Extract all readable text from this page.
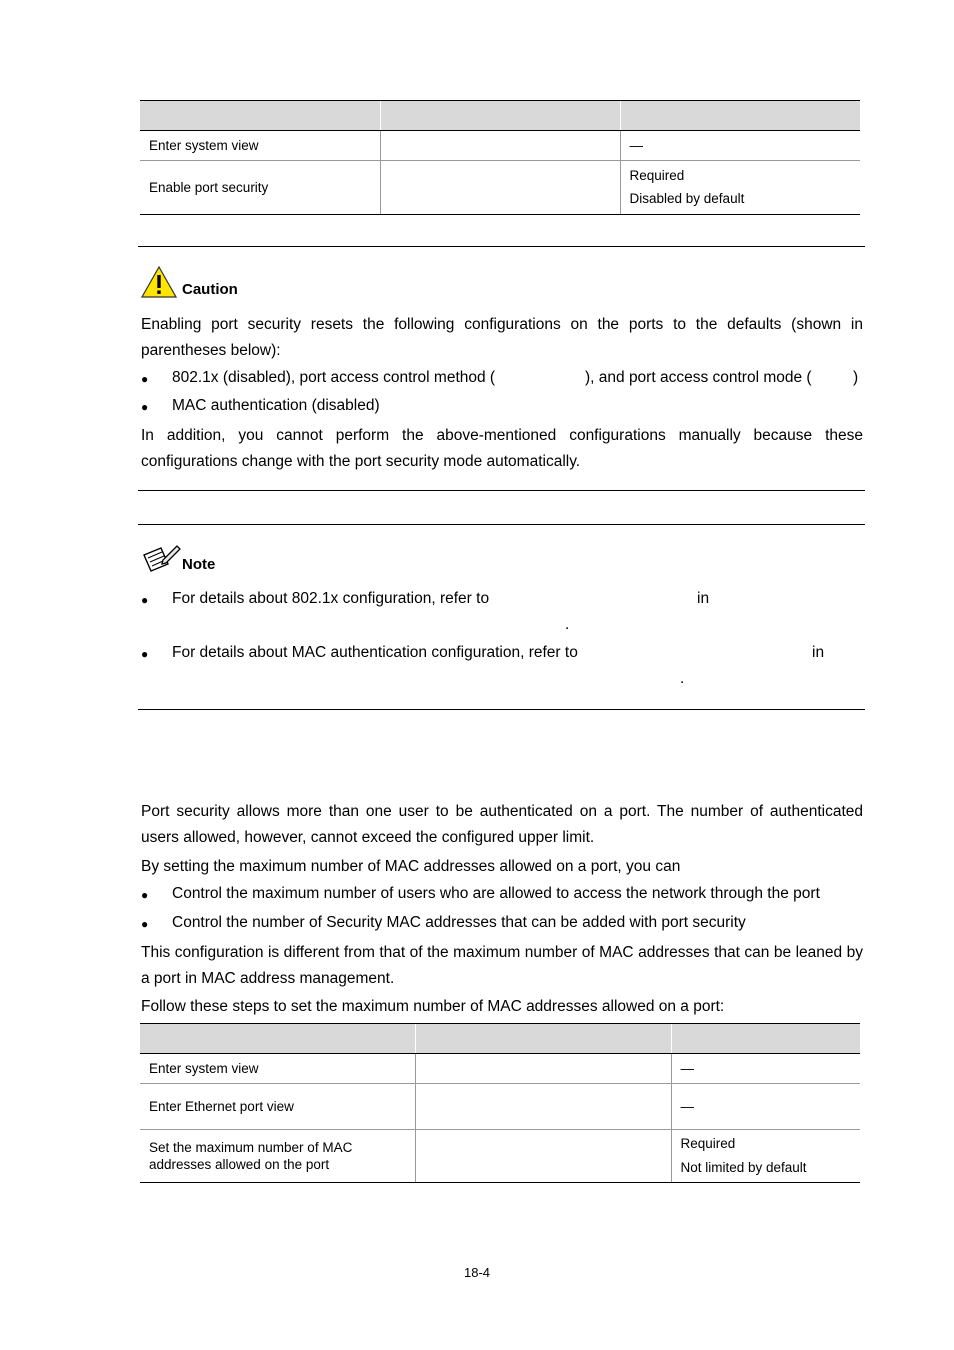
Enter system view		—
Enable port security		Required
Disabled by default
Caution
Enabling port security resets the following configurations on the ports to the defaults (shown in parentheses below):
● 802.1x (disabled), port access control method (	), and port access control mode (	)
● MAC authentication (disabled)
In addition, you cannot perform the above-mentioned configurations manually because these configurations change with the port security mode automatically.
Note
● For details about 802.1x configuration, refer to	in
.
● For details about MAC authentication configuration, refer to	in
.
Port security allows more than one user to be authenticated on a port. The number of authenticated users allowed, however, cannot exceed the configured upper limit.
By setting the maximum number of MAC addresses allowed on a port, you can
● Control the maximum number of users who are allowed to access the network through the port
● Control the number of Security MAC addresses that can be added with port security
This configuration is different from that of the maximum number of MAC addresses that can be leaned by a port in MAC address management.
Follow these steps to set the maximum number of MAC addresses allowed on a port:

Enter system view		—
Enter Ethernet port view		—
Set the maximum number of MAC addresses allowed on the port		Required
Not limited by default
18-4
